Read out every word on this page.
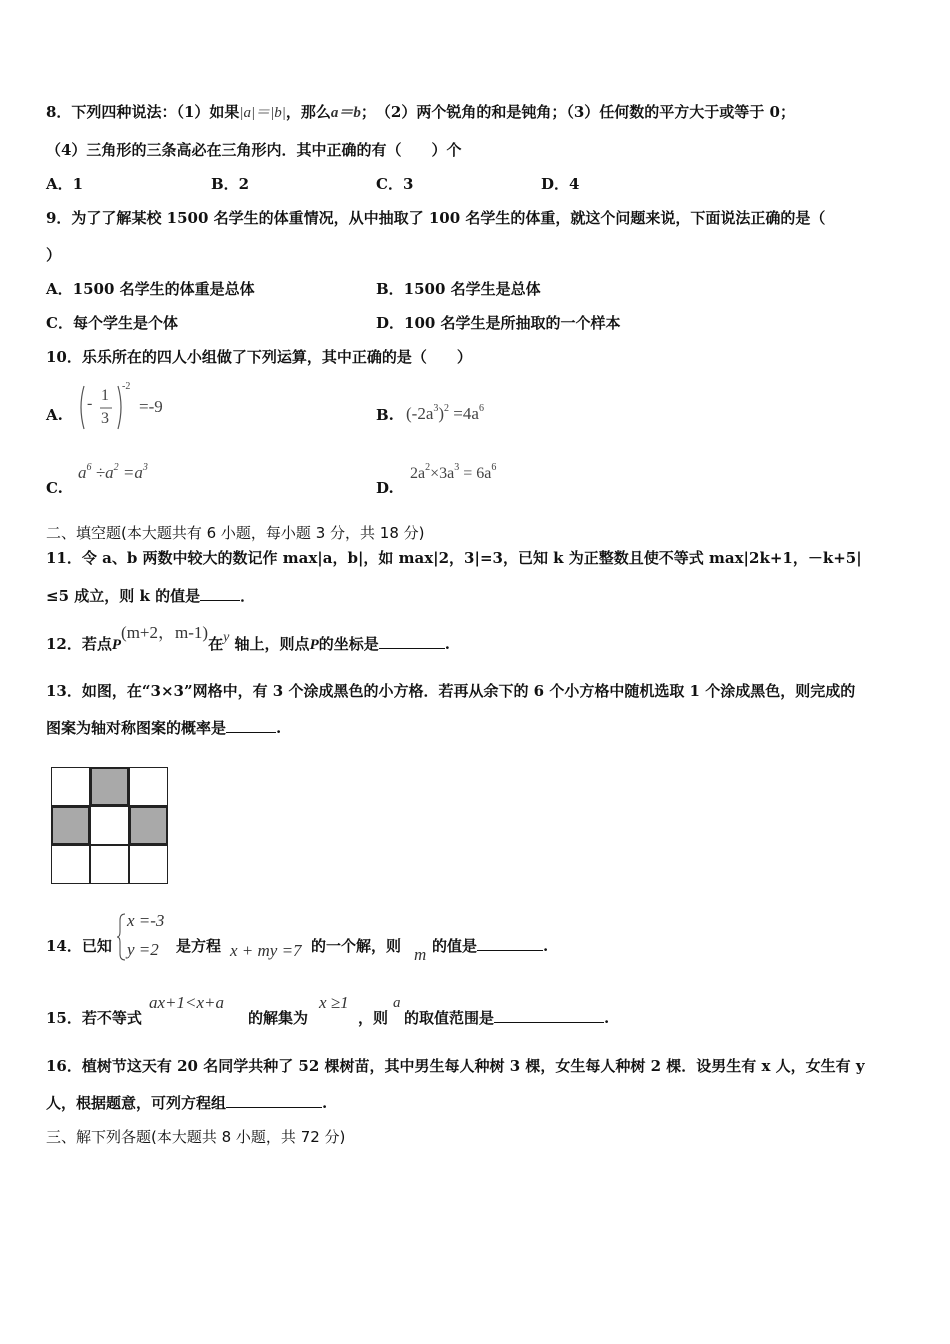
8．下列四种说法：（1）如果|a|＝|b|，那么a＝b；　（2）两个锐角的和是钝角；（3）任何数的平方大于或等于 0；
（4）三角形的三条高必在三角形内．其中正确的有（　　）个
A．1	B．2	C．3	D．4
9．为了了解某校 1500 名学生的体重情况，从中抽取了 100 名学生的体重，就这个问题来说，下面说法正确的是（
）
A．1500 名学生的体重是总体	B．1500 名学生是总体
C．每个学生是个体	D．100 名学生是所抽取的一个样本
10．乐乐所在的四人小组做了下列运算，其中正确的是（　　）
A.
- 1
3
-2
=-9	B. $(-2a^3)^2 =4a^6$
C.
$a^6 \div a^2 =a^3$
D.
$2a^2\times 3a^3 = 6a^6$
二、填空题(本大题共有 6 小题，每小题 3 分，共 18 分)
11．令 a、b 两数中较大的数记作 max|a，b|，如 max|2，3|=3，已知 k 为正整数且使不等式 max|2k+1，－k+5|
≤5 成立，则 k 的值是	．
12．若点P(m+2，m-1)在y 轴上，则点P的坐标是	.
13．如图，在“3×3”网格中，有 3 个涂成黑色的小方格．若再从余下的 6 个小方格中随机选取 1 个涂成黑色，则完成的
图案为轴对称图案的概率是	.
14．已知
x =-3
y =2 是方程 x + my =7 的一个解，则 m 的值是	.
15．若不等式
ax+1<x+a
的解集为
x ≥1
，则
a
的取值范围是	.
16．植树节这天有 20 名同学共种了 52 棵树苗，其中男生每人种树 3 棵，女生每人种树 2 棵．设男生有 x 人，女生有 y
人，根据题意，可列方程组	.
三、解下列各题(本大题共 8 小题，共 72 分)
